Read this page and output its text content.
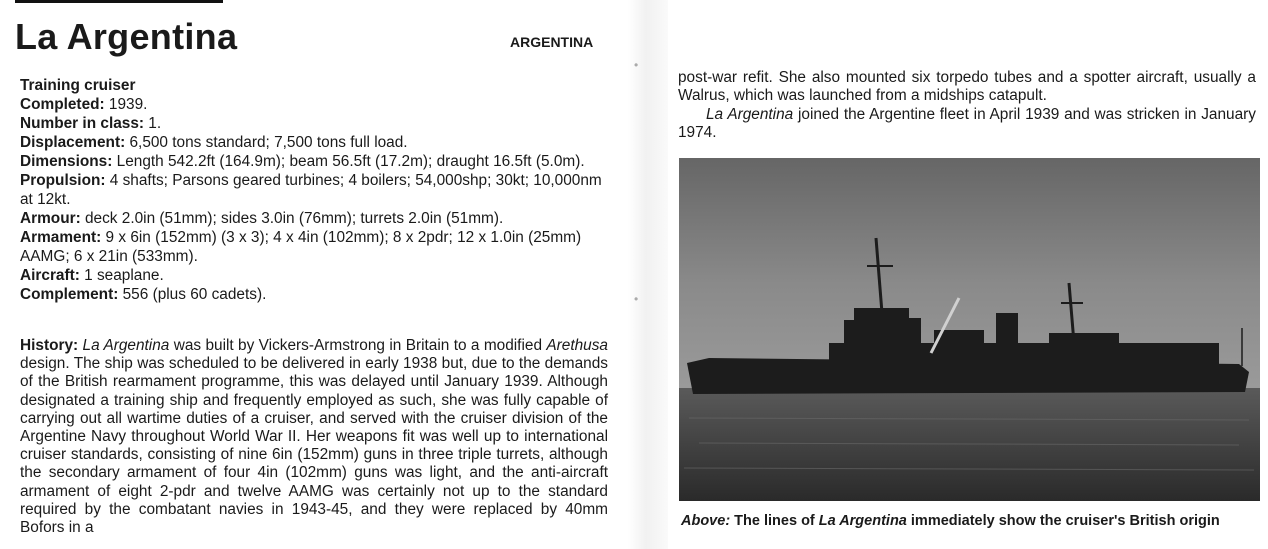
La Argentina	ARGENTINA

Training cruiser

Completed: 1939.

Number in class: 1.

Displacement: 6,500 tons standard; 7,500 tons full load.

Dimensions: Length 542.2ft (164.9m); beam 56.5ft (17.2m); draught 16.5ft (5.0m).

Propulsion: 4 shafts; Parsons geared turbines; 4 boilers; 54,000shp; 30kt; 10,000nm at 12kt.

Armour: deck 2.0in (51mm); sides 3.0in (76mm); turrets 2.0in (51mm).

Armament: 9 x 6in (152mm) (3 x 3); 4 x 4in (102mm); 8 x 2pdr; 12 x 1.0in (25mm) AAMG; 6 x 21in (533mm).

Aircraft: 1 seaplane.

Complement: 556 (plus 60 cadets).

History: La Argentina was built by Vickers-Armstrong in Britain to a modified Arethusa design. The ship was scheduled to be delivered in early 1938 but, due to the demands of the British rearmament programme, this was delayed until January 1939. Although designated a training ship and frequently employed as such, she was fully capable of carrying out all wartime duties of a cruiser, and served with the cruiser division of the Argentine Navy throughout World War II. Her weapons fit was well up to international cruiser standards, consisting of nine 6in (152mm) guns in three triple turrets, although the secondary armament of four 4in (102mm) guns was light, and the anti-aircraft armament of eight 2-pdr and twelve AAMG was certainly not up to the standard required by the combatant navies in 1943-45, and they were replaced by 40mm Bofors in a

post-war refit. She also mounted six torpedo tubes and a spotter aircraft, usually a Walrus, which was launched from a midships catapult.

La Argentina joined the Argentine fleet in April 1939 and was stricken in January 1974.

Above: The lines of La Argentina immediately show the cruiser's British origin
•
•
